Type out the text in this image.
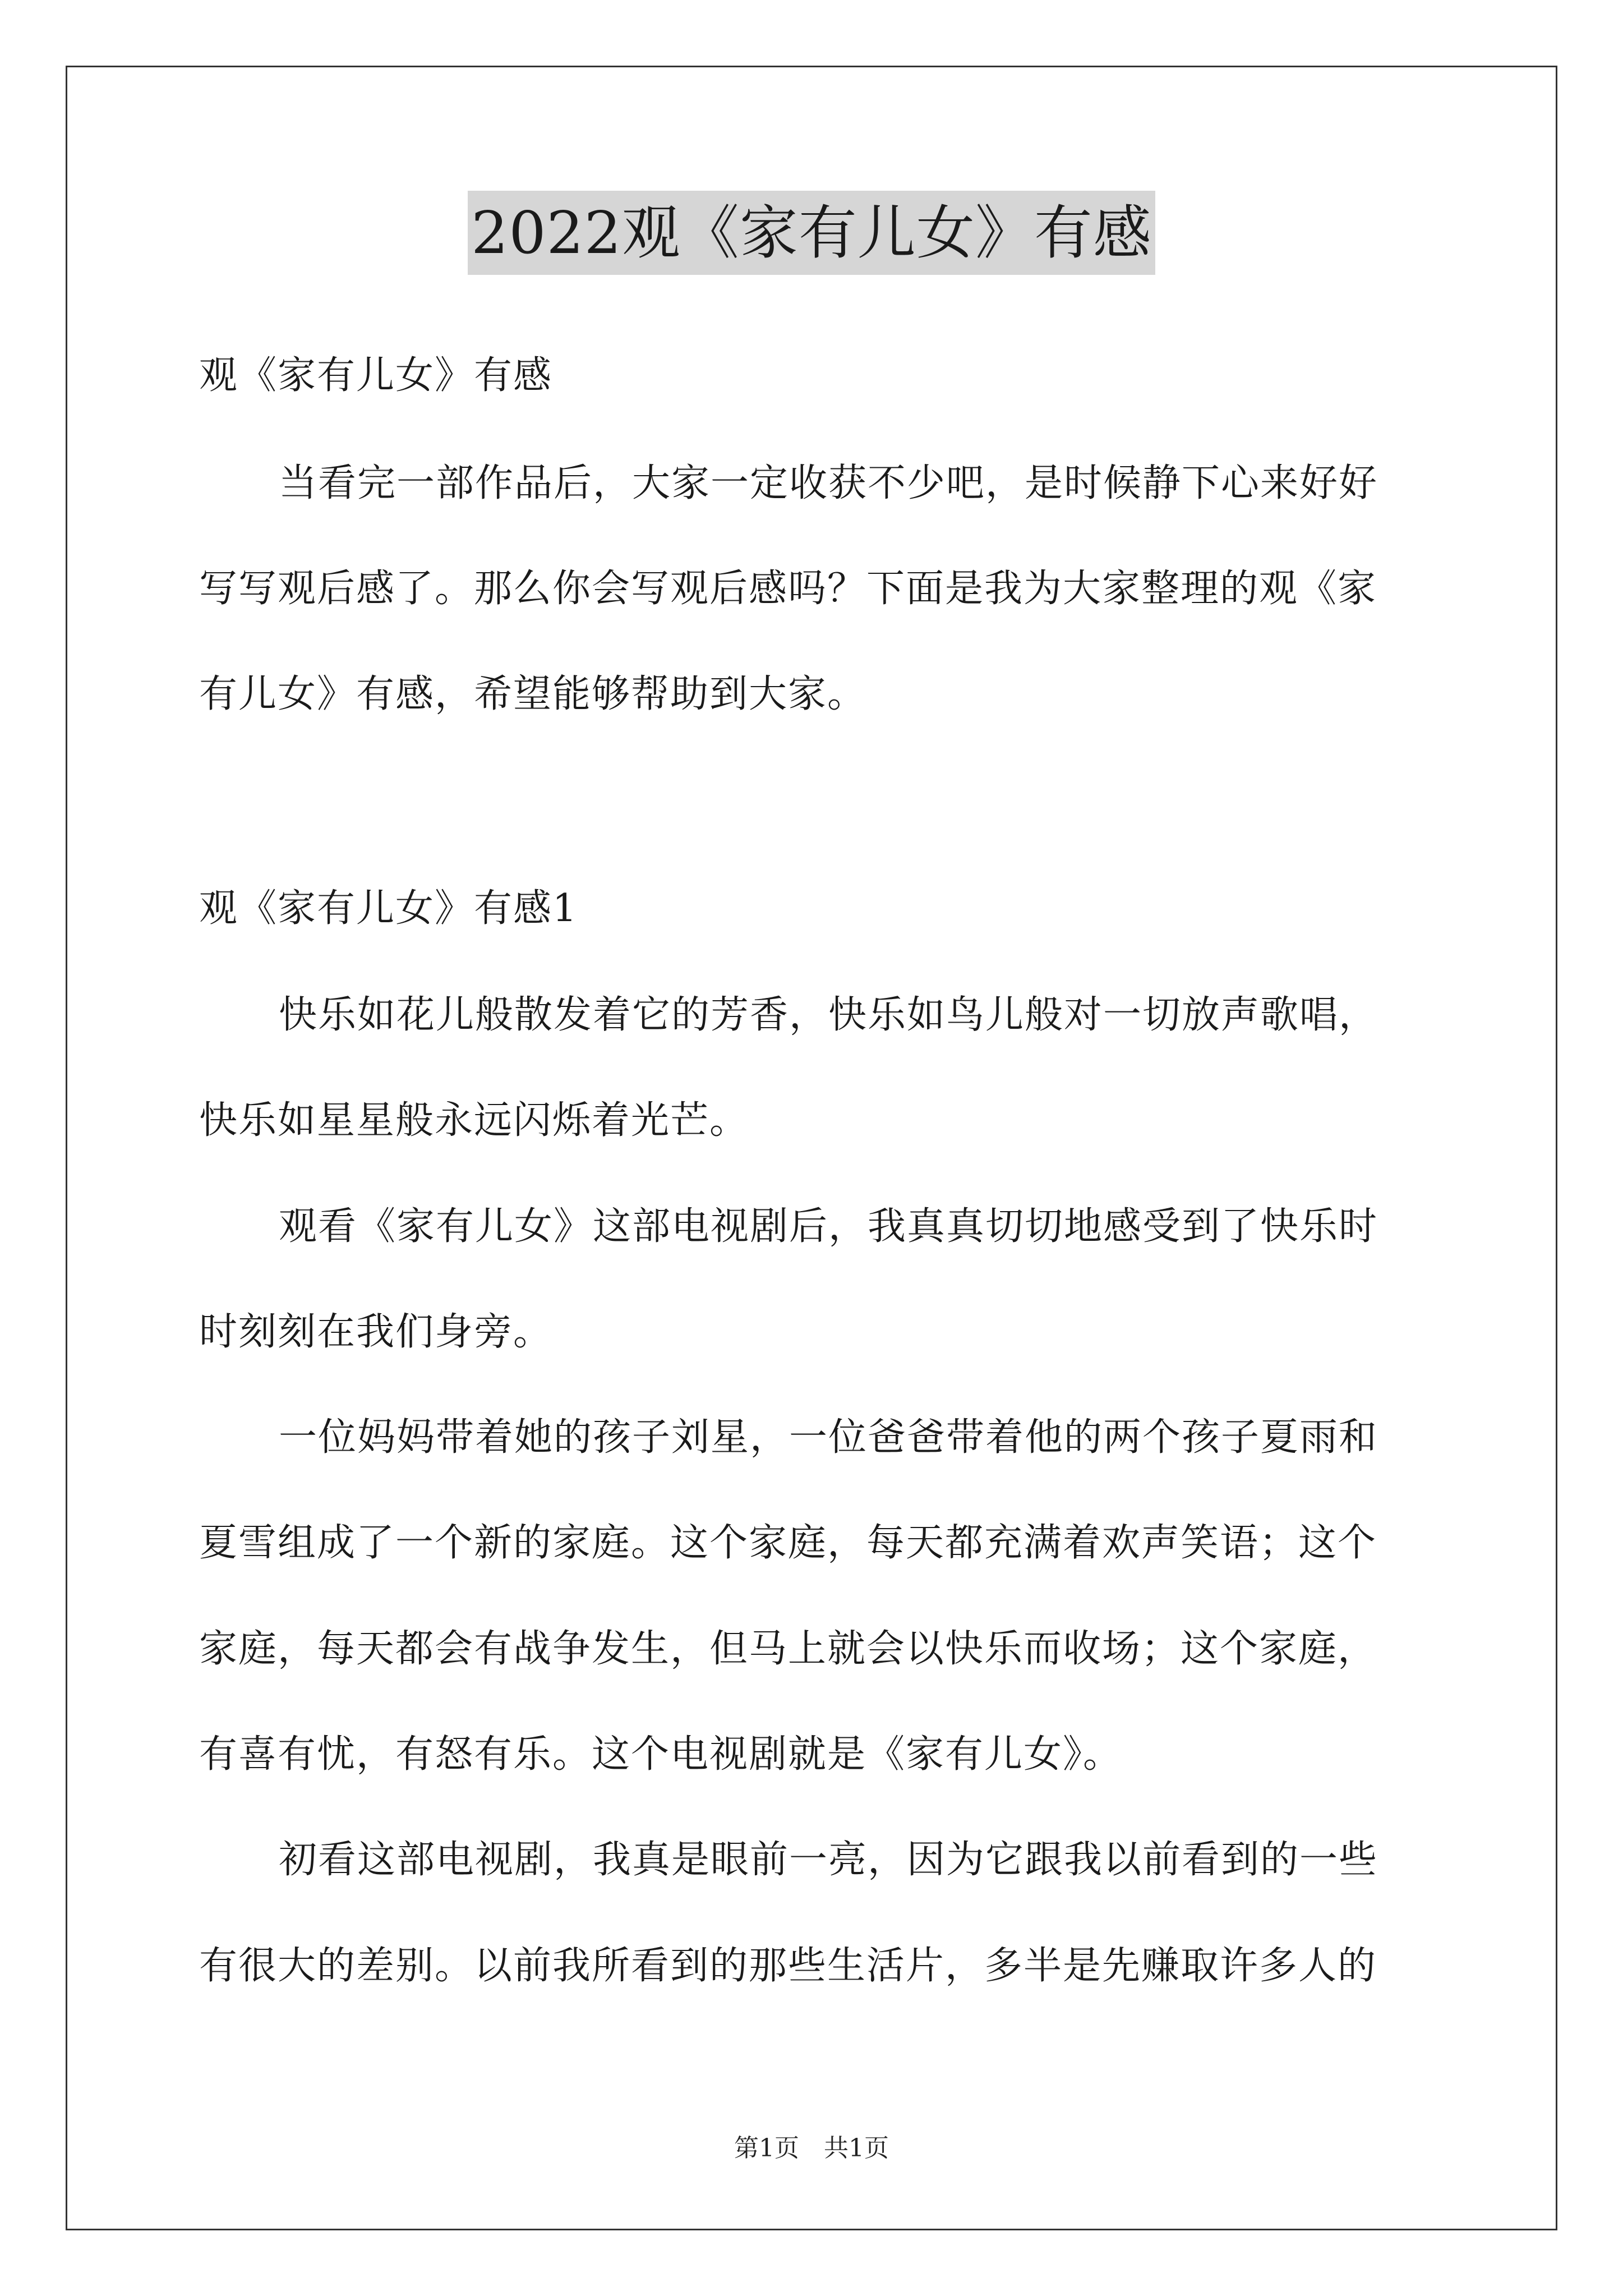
2022观《家有儿女》有感
观《家有儿女》有感
当看完一部作品后，大家一定收获不少吧，是时候静下心来好好
写写观后感了。那么你会写观后感吗？下面是我为大家整理的观《家
有儿女》有感，希望能够帮助到大家。
观《家有儿女》有感1
快乐如花儿般散发着它的芳香，快乐如鸟儿般对一切放声歌唱，
快乐如星星般永远闪烁着光芒。
观看《家有儿女》这部电视剧后，我真真切切地感受到了快乐时
时刻刻在我们身旁。
一位妈妈带着她的孩子刘星，一位爸爸带着他的两个孩子夏雨和
夏雪组成了一个新的家庭。这个家庭，每天都充满着欢声笑语；这个
家庭，每天都会有战争发生，但马上就会以快乐而收场；这个家庭，
有喜有忧，有怒有乐。这个电视剧就是《家有儿女》。
初看这部电视剧，我真是眼前一亮，因为它跟我以前看到的一些
有很大的差别。以前我所看到的那些生活片，多半是先赚取许多人的
第1页　共1页
